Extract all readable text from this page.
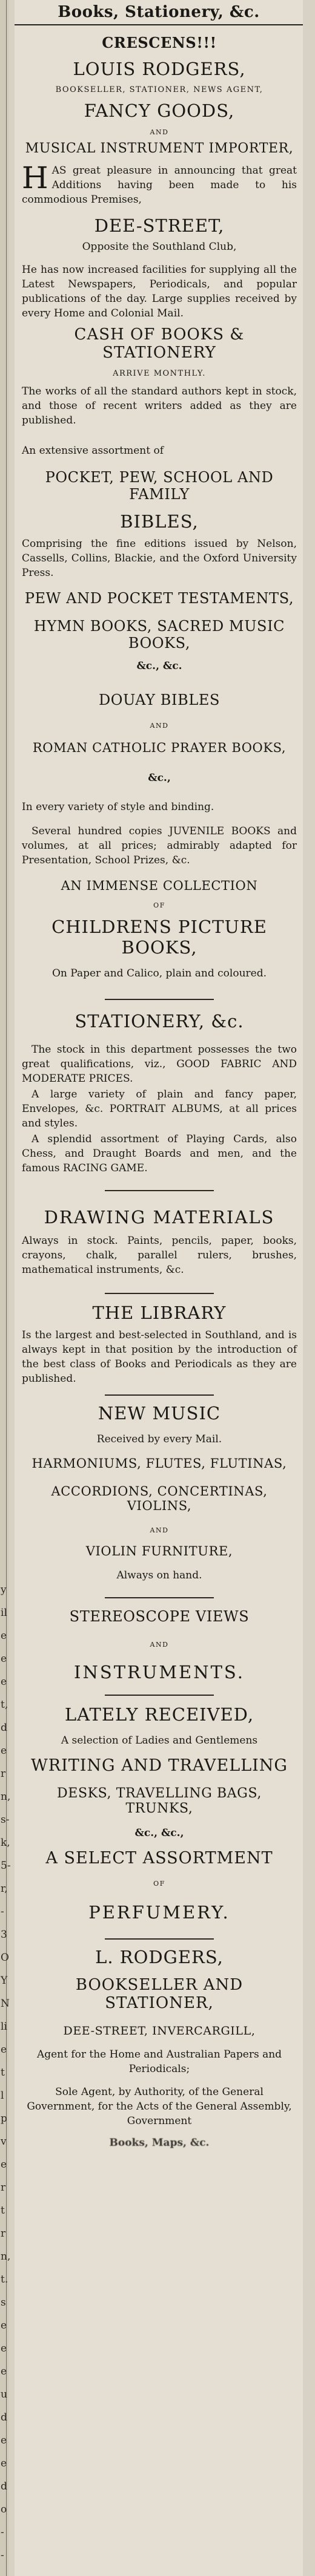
y
il
e
e
e
t,
d
e
r
n,
s-
k,
5-
r,
-
3
O
Y
N
li
e
t
l
p
v
e
r
t
r
n,
t.
s
e
e
e
u
d
e
e
d
o
-
-
Books, Stationery, &c.

CRESCENS!!!

LOUIS RODGERS,

BOOKSELLER, STATIONER, NEWS AGENT,

FANCY GOODS,

AND

MUSICAL INSTRUMENT IMPORTER,

HAS great pleasure in announcing that great Additions having been made to his commodious Premises,

DEE-STREET,

Opposite the Southland Club,

He has now increased facilities for supplying all the Latest Newspapers, Periodicals, and popular publications of the day. Large supplies received by every Home and Colonial Mail.

CASH OF BOOKS & STATIONERY

ARRIVE MONTHLY.

The works of all the standard authors kept in stock, and those of recent writers added as they are published.

An extensive assortment of

POCKET, PEW, SCHOOL AND FAMILY

BIBLES,

Comprising the fine editions issued by Nelson, Cassells, Collins, Blackie, and the Oxford University Press.

PEW AND POCKET TESTAMENTS,

HYMN BOOKS, SACRED MUSIC BOOKS,

&c., &c.

DOUAY BIBLES

AND

ROMAN CATHOLIC PRAYER BOOKS,

&c.,

In every variety of style and binding.

Several hundred copies JUVENILE BOOKS and volumes, at all prices; admirably adapted for Presentation, School Prizes, &c.

AN IMMENSE COLLECTION

OF

CHILDRENS PICTURE BOOKS,

On Paper and Calico, plain and coloured.

STATIONERY, &c.

The stock in this department possesses the two great qualifications, viz., GOOD FABRIC AND MODERATE PRICES.

A large variety of plain and fancy paper, Envelopes, &c. PORTRAIT ALBUMS, at all prices and styles.

A splendid assortment of Playing Cards, also Chess, and Draught Boards and men, and the famous RACING GAME.

DRAWING MATERIALS

Always in stock. Paints, pencils, paper, books, crayons, chalk, parallel rulers, brushes, mathematical instruments, &c.

THE LIBRARY

Is the largest and best-selected in Southland, and is always kept in that position by the introduction of the best class of Books and Periodicals as they are published.

NEW MUSIC

Received by every Mail.

HARMONIUMS, FLUTES, FLUTINAS,

ACCORDIONS, CONCERTINAS, VIOLINS,

AND

VIOLIN FURNITURE,

Always on hand.

STEREOSCOPE VIEWS

AND

INSTRUMENTS.

LATELY RECEIVED,

A selection of Ladies and Gentlemens

WRITING AND TRAVELLING

DESKS, TRAVELLING BAGS, TRUNKS,

&c., &c.,

A SELECT ASSORTMENT

OF

PERFUMERY.

L. RODGERS,

BOOKSELLER AND STATIONER,

DEE-STREET, INVERCARGILL,

Agent for the Home and Australian Papers and Periodicals;

Sole Agent, by Authority, of the General Government, for the Acts of the General Assembly, Government

Books, Maps, &c.
